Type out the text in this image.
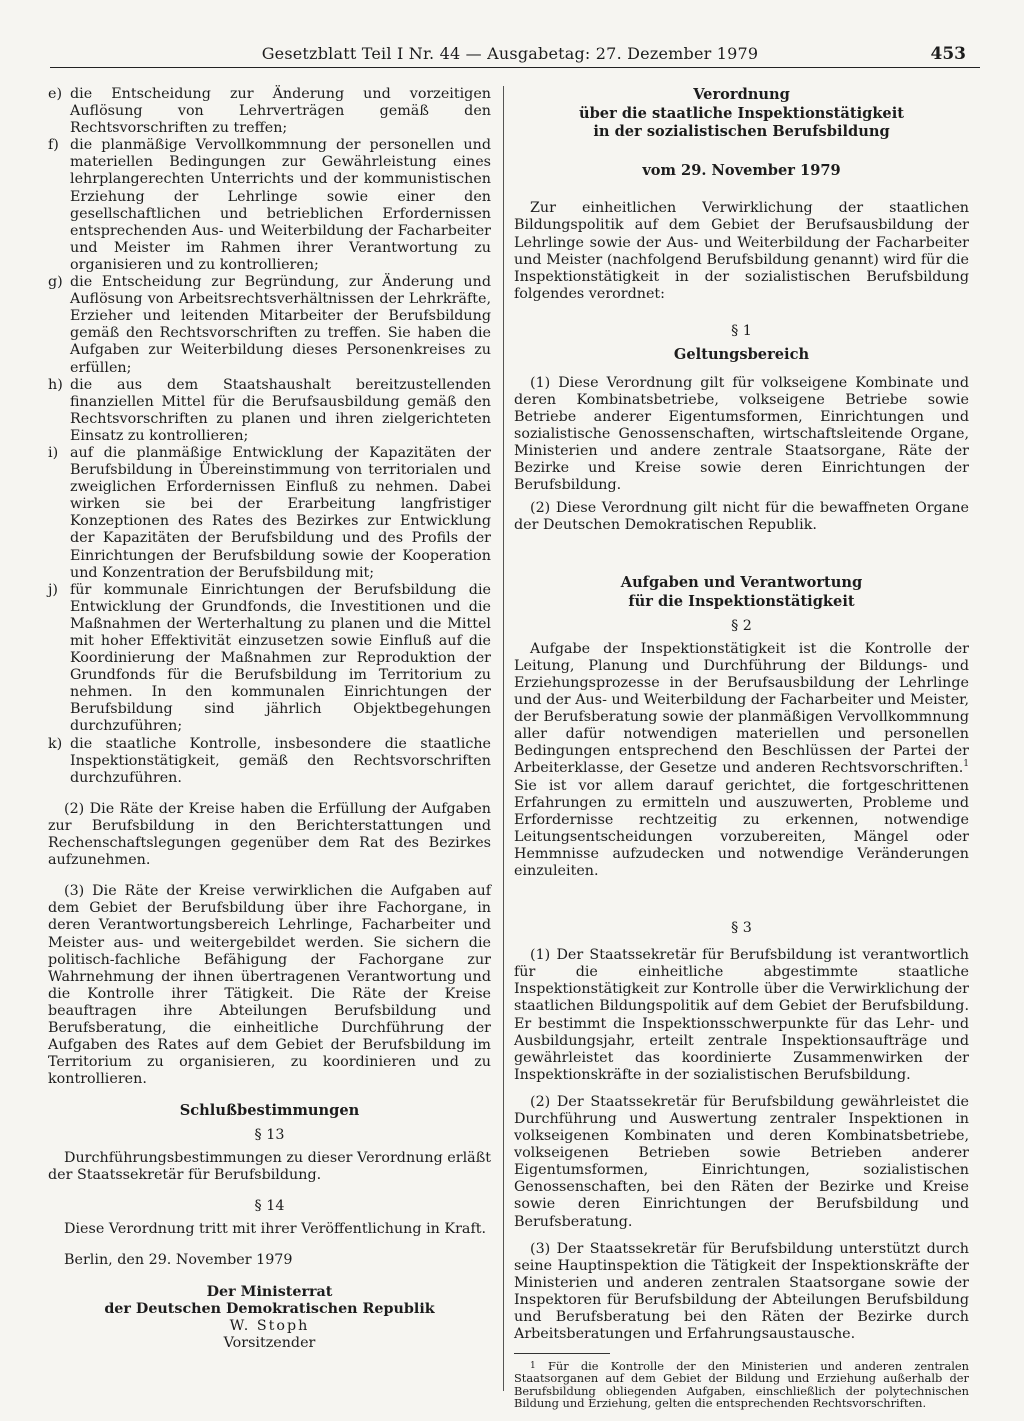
Gesetzblatt Teil I Nr. 44 — Ausgabetag: 27. Dezember 1979	453
e) die Entscheidung zur Änderung und vorzeitigen Auflösung von Lehrverträgen gemäß den Rechtsvorschriften zu treffen;
f) die planmäßige Vervollkommnung der personellen und materiellen Bedingungen zur Gewährleistung eines lehrplangerechten Unterrichts und der kommunistischen Erziehung der Lehrlinge sowie einer den gesellschaftlichen und betrieblichen Erfordernissen entsprechenden Aus- und Weiterbildung der Facharbeiter und Meister im Rahmen ihrer Verantwortung zu organisieren und zu kontrollieren;
g) die Entscheidung zur Begründung, zur Änderung und Auflösung von Arbeitsrechtsverhältnissen der Lehrkräfte, Erzieher und leitenden Mitarbeiter der Berufsbildung gemäß den Rechtsvorschriften zu treffen. Sie haben die Aufgaben zur Weiterbildung dieses Personenkreises zu erfüllen;
h) die aus dem Staatshaushalt bereitzustellenden finanziellen Mittel für die Berufsausbildung gemäß den Rechtsvorschriften zu planen und ihren zielgerichteten Einsatz zu kontrollieren;
i) auf die planmäßige Entwicklung der Kapazitäten der Berufsbildung in Übereinstimmung von territorialen und zweiglichen Erfordernissen Einfluß zu nehmen. Dabei wirken sie bei der Erarbeitung langfristiger Konzeptionen des Rates des Bezirkes zur Entwicklung der Kapazitäten der Berufsbildung und des Profils der Einrichtungen der Berufsbildung sowie der Kooperation und Konzentration der Berufsbildung mit;
j) für kommunale Einrichtungen der Berufsbildung die Entwicklung der Grundfonds, die Investitionen und die Maßnahmen der Werterhaltung zu planen und die Mittel mit hoher Effektivität einzusetzen sowie Einfluß auf die Koordinierung der Maßnahmen zur Reproduktion der Grundfonds für die Berufsbildung im Territorium zu nehmen. In den kommunalen Einrichtungen der Berufsbildung sind jährlich Objektbegehungen durchzuführen;
k) die staatliche Kontrolle, insbesondere die staatliche Inspektionstätigkeit, gemäß den Rechtsvorschriften durchzuführen.

(2) Die Räte der Kreise haben die Erfüllung der Aufgaben zur Berufsbildung in den Berichterstattungen und Rechenschaftslegungen gegenüber dem Rat des Bezirkes aufzunehmen.

(3) Die Räte der Kreise verwirklichen die Aufgaben auf dem Gebiet der Berufsbildung über ihre Fachorgane, in deren Verantwortungsbereich Lehrlinge, Facharbeiter und Meister aus- und weitergebildet werden. Sie sichern die politisch-fachliche Befähigung der Fachorgane zur Wahrnehmung der ihnen übertragenen Verantwortung und die Kontrolle ihrer Tätigkeit. Die Räte der Kreise beauftragen ihre Abteilungen Berufsbildung und Berufsberatung, die einheitliche Durchführung der Aufgaben des Rates auf dem Gebiet der Berufsbildung im Territorium zu organisieren, zu koordinieren und zu kontrollieren.

Schlußbestimmungen
§ 13

Durchführungsbestimmungen zu dieser Verordnung erläßt der Staatssekretär für Berufsbildung.

§ 14

Diese Verordnung tritt mit ihrer Veröffentlichung in Kraft.

Berlin, den 29. November 1979

Der Ministerrat
der Deutschen Demokratischen Republik
W. Stoph
Vorsitzender
Verordnung
über die staatliche Inspektionstätigkeit
in der sozialistischen Berufsbildung
vom 29. November 1979

Zur einheitlichen Verwirklichung der staatlichen Bildungspolitik auf dem Gebiet der Berufsausbildung der Lehrlinge sowie der Aus- und Weiterbildung der Facharbeiter und Meister (nachfolgend Berufsbildung genannt) wird für die Inspektionstätigkeit in der sozialistischen Berufsbildung folgendes verordnet:

§ 1
Geltungsbereich

(1) Diese Verordnung gilt für volkseigene Kombinate und deren Kombinatsbetriebe, volkseigene Betriebe sowie Betriebe anderer Eigentumsformen, Einrichtungen und sozialistische Genossenschaften, wirtschaftsleitende Organe, Ministerien und andere zentrale Staatsorgane, Räte der Bezirke und Kreise sowie deren Einrichtungen der Berufsbildung.

(2) Diese Verordnung gilt nicht für die bewaffneten Organe der Deutschen Demokratischen Republik.

Aufgaben und Verantwortung
für die Inspektionstätigkeit
§ 2

Aufgabe der Inspektionstätigkeit ist die Kontrolle der Leitung, Planung und Durchführung der Bildungs- und Erziehungsprozesse in der Berufsausbildung der Lehrlinge und der Aus- und Weiterbildung der Facharbeiter und Meister, der Berufsberatung sowie der planmäßigen Vervollkommnung aller dafür notwendigen materiellen und personellen Bedingungen entsprechend den Beschlüssen der Partei der Arbeiterklasse, der Gesetze und anderen Rechtsvorschriften.$^1$ Sie ist vor allem darauf gerichtet, die fortgeschrittenen Erfahrungen zu ermitteln und auszuwerten, Probleme und Erfordernisse rechtzeitig zu erkennen, notwendige Leitungsentscheidungen vorzubereiten, Mängel oder Hemmnisse aufzudecken und notwendige Veränderungen einzuleiten.

§ 3

(1) Der Staatssekretär für Berufsbildung ist verantwortlich für die einheitliche abgestimmte staatliche Inspektionstätigkeit zur Kontrolle über die Verwirklichung der staatlichen Bildungspolitik auf dem Gebiet der Berufsbildung. Er bestimmt die Inspektionsschwerpunkte für das Lehr- und Ausbildungsjahr, erteilt zentrale Inspektionsaufträge und gewährleistet das koordinierte Zusammenwirken der Inspektionskräfte in der sozialistischen Berufsbildung.

(2) Der Staatssekretär für Berufsbildung gewährleistet die Durchführung und Auswertung zentraler Inspektionen in volkseigenen Kombinaten und deren Kombinatsbetriebe, volkseigenen Betrieben sowie Betrieben anderer Eigentumsformen, Einrichtungen, sozialistischen Genossenschaften, bei den Räten der Bezirke und Kreise sowie deren Einrichtungen der Berufsbildung und Berufsberatung.

(3) Der Staatssekretär für Berufsbildung unterstützt durch seine Hauptinspektion die Tätigkeit der Inspektionskräfte der Ministerien und anderen zentralen Staatsorgane sowie der Inspektoren für Berufsbildung der Abteilungen Berufsbildung und Berufsberatung bei den Räten der Bezirke durch Arbeitsberatungen und Erfahrungsaustausche.

$^1$ Für die Kontrolle der den Ministerien und anderen zentralen Staatsorganen auf dem Gebiet der Bildung und Erziehung außerhalb der Berufsbildung obliegenden Aufgaben, einschließlich der polytechnischen Bildung und Erziehung, gelten die entsprechenden Rechtsvorschriften.
